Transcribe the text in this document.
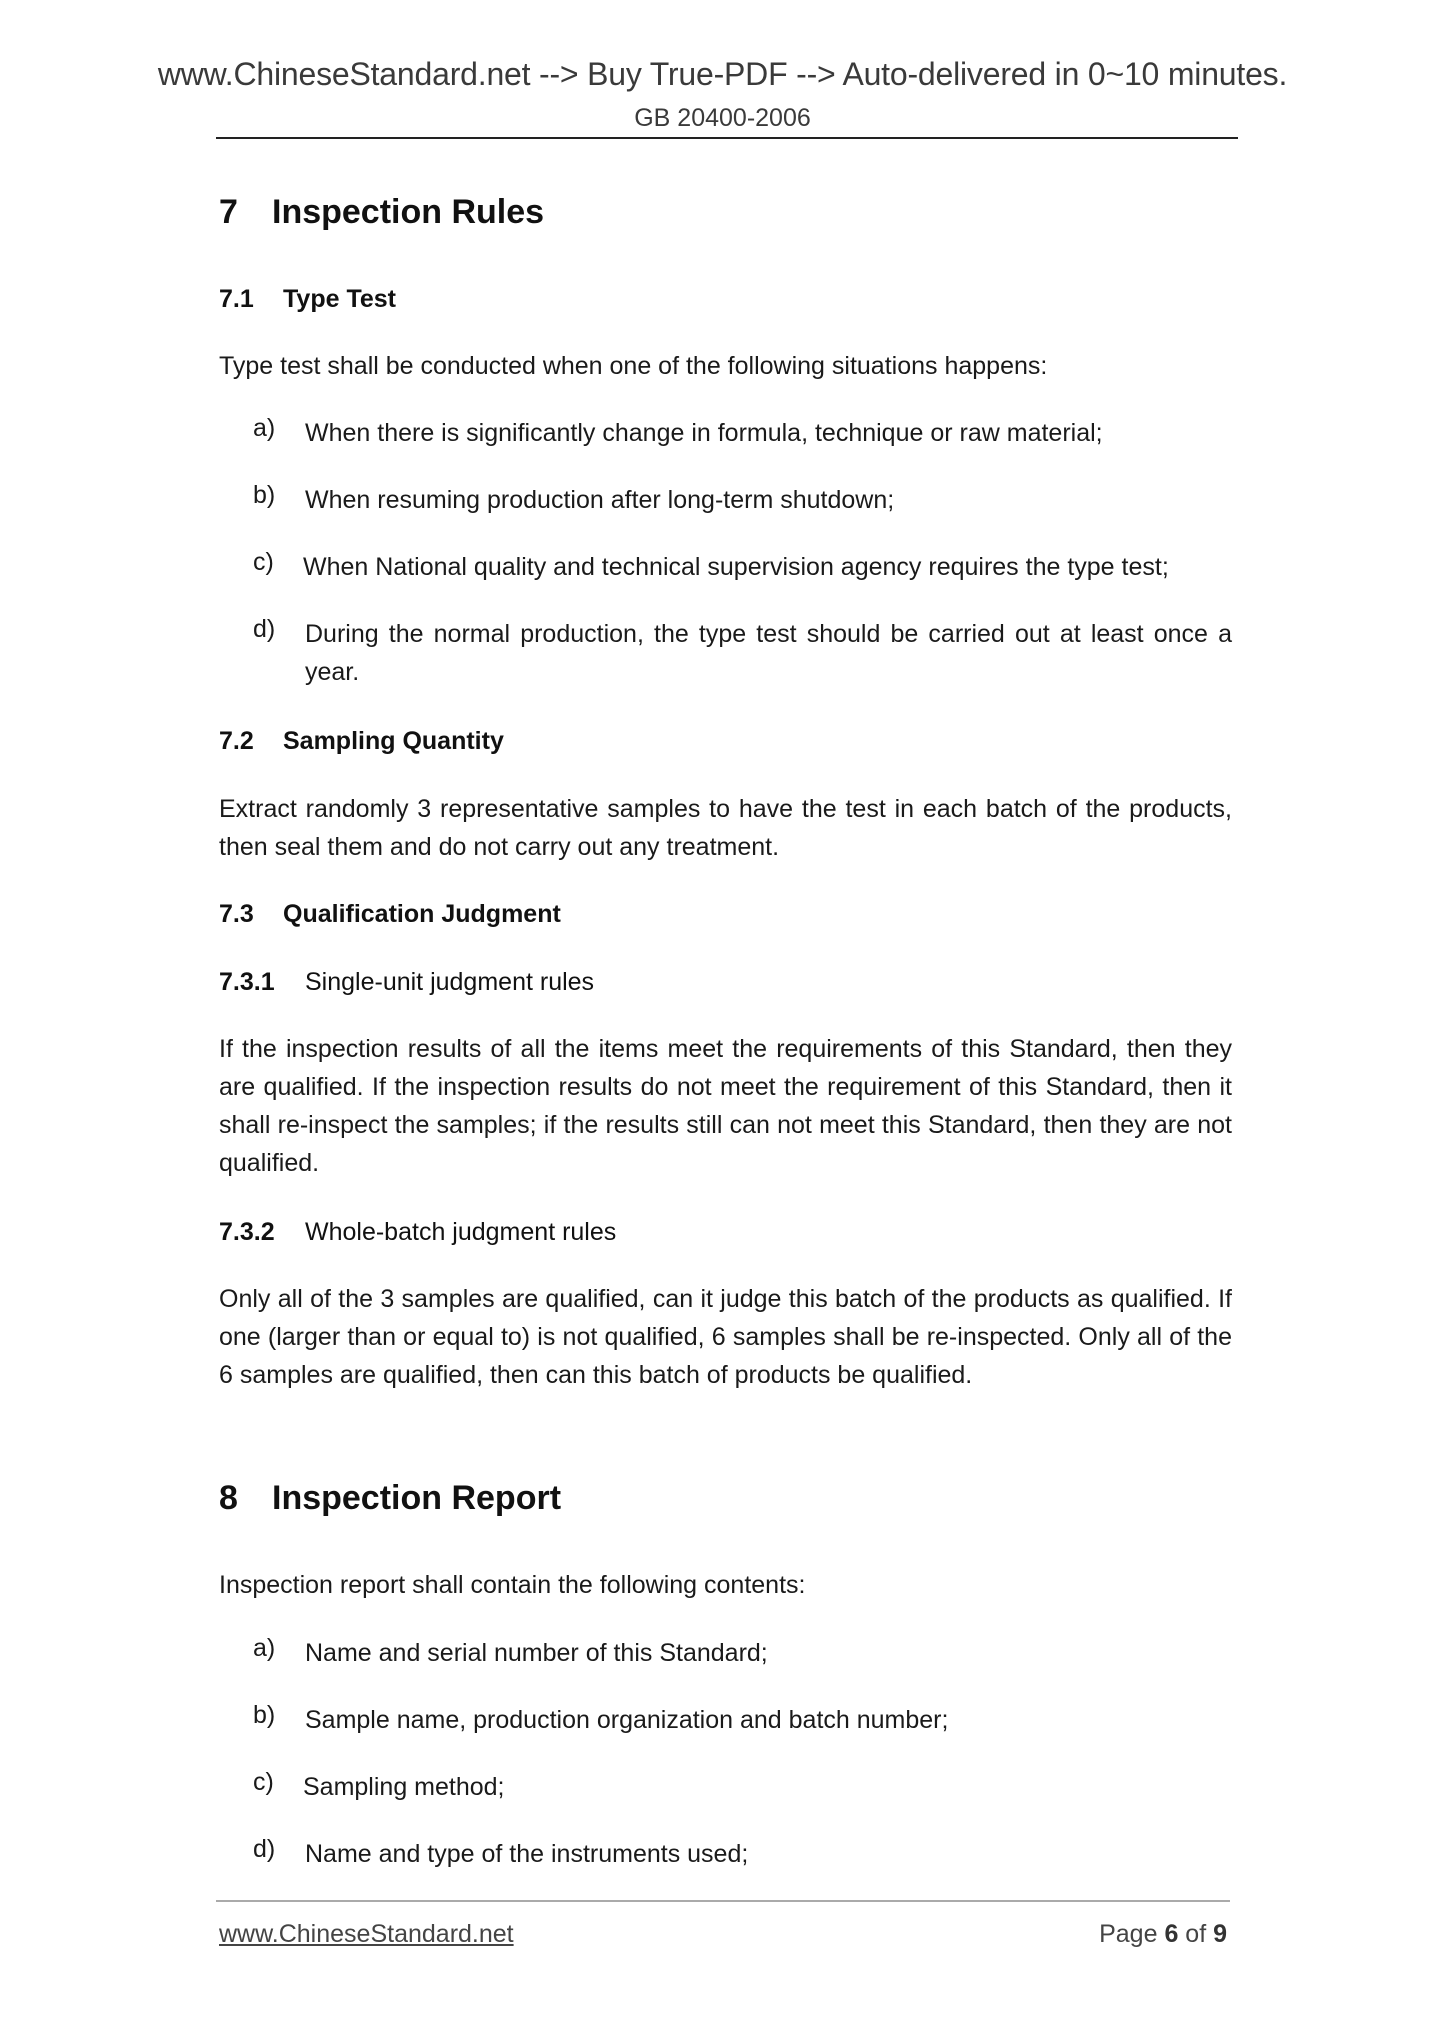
www.ChineseStandard.net --> Buy True-PDF --> Auto-delivered in 0~10 minutes.
GB 20400-2006
7 Inspection Rules
7.1 Type Test
Type test shall be conducted when one of the following situations happens:
a) When there is significantly change in formula, technique or raw material;
b) When resuming production after long-term shutdown;
c) When National quality and technical supervision agency requires the type test;
d) During the normal production, the type test should be carried out at least once a year.
7.2 Sampling Quantity
Extract randomly 3 representative samples to have the test in each batch of the products, then seal them and do not carry out any treatment.
7.3 Qualification Judgment
7.3.1 Single-unit judgment rules
If the inspection results of all the items meet the requirements of this Standard, then they are qualified. If the inspection results do not meet the requirement of this Standard, then it shall re-inspect the samples; if the results still can not meet this Standard, then they are not qualified.
7.3.2 Whole-batch judgment rules
Only all of the 3 samples are qualified, can it judge this batch of the products as qualified. If one (larger than or equal to) is not qualified, 6 samples shall be re-inspected. Only all of the 6 samples are qualified, then can this batch of products be qualified.
8 Inspection Report
Inspection report shall contain the following contents:
a) Name and serial number of this Standard;
b) Sample name, production organization and batch number;
c) Sampling method;
d) Name and type of the instruments used;
www.ChineseStandard.net	Page 6 of 9
